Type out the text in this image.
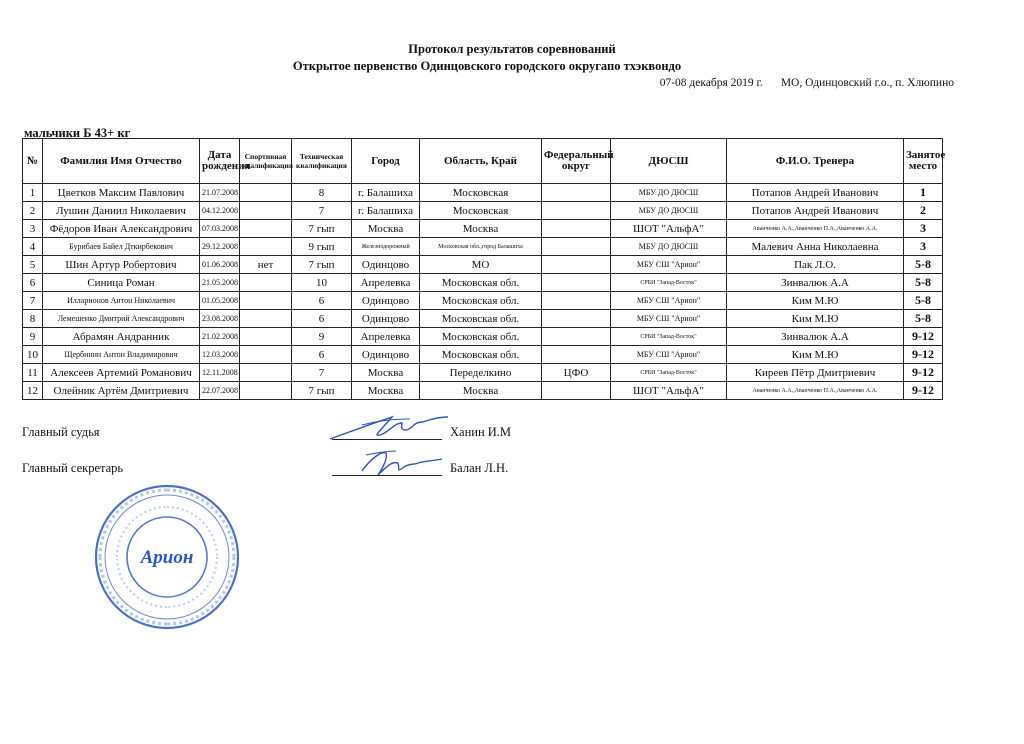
Протокол результатов соревнований
Открытое первенство Одинцовского городского округапо тхэквондо
07-08 декабря 2019 г. МО, Одинцовский г.о., п. Хлюпино
мальчики Б 43+ кг
№	Фамилия Имя Отчество	Дата рождения	Спортивная квалификация	Техническая квалификация	Город	Область, Край	Федеральный округ	ДЮСШ	Ф.И.О. Тренера	Занятое место
1	Цветков Максим Павлович	21.07.2008		8	г. Балашиха	Московская		МБУ ДО ДЮСШ	Потапов Андрей Иванович	1
2	Лушин Даниил Николаевич	04.12.2008		7	г. Балашиха	Московская		МБУ ДО ДЮСШ	Потапов Андрей Иванович	2
3	Фёдоров Иван Александрович	07.03.2008		7 гып	Москва	Москва		ШОТ "АльфА"	Аванченко А.А.,Аванченко П.А.,Аванченко А.А.	3
4	Бурибаев Байел Дткирбекович	29.12.2008		9 гып	Железнодорожный	Московская обл.,город Балашиха		МБУ ДО ДЮСШ	Малевич Анна Николаевна	3
5	Шин Артур Робертович	01.06.2008	нет	7 гып	Одинцово	МО		МБУ СШ "Арион"	Пак Л.О.	5-8
6	Синица Роман	21.05.2008		10	Апрелевка	Московская обл.		СРБИ "Запад-Восток"	Зинвалюк А.А	5-8
7	Илларионов Антон Николаевич	01.05.2008		6	Одинцово	Московская обл.		МБУ СШ "Арион"	Ким М.Ю	5-8
8	Лемешенко Дмитрий Александрович	23.08.2008		6	Одинцово	Московская обл.		МБУ СШ "Арион"	Ким М.Ю	5-8
9	Абрамян Андранник	21.02.2008		9	Апрелевка	Московская обл.		СРБИ "Запад-Восток"	Зинвалюк А.А	9-12
10	Щербинин Антон Владимирович	12.03.2008		6	Одинцово	Московская обл.		МБУ СШ "Арион"	Ким М.Ю	9-12
11	Алексеев Артемий Романович	12.11.2008		7	Москва	Переделкино	ЦФО	СРБИ "Запад-Восток"	Киреев Пётр Дмитриевич	9-12
12	Олейник Артём Дмитриевич	22.07.2008		7 гып	Москва	Москва		ШОТ "АльфА"	Аванченко А.А.,Аванченко П.А.,Аванченко А.А.	9-12
Главный судья	Ханин И.М
Главный секретарь	Балан Л.Н.
Арион
